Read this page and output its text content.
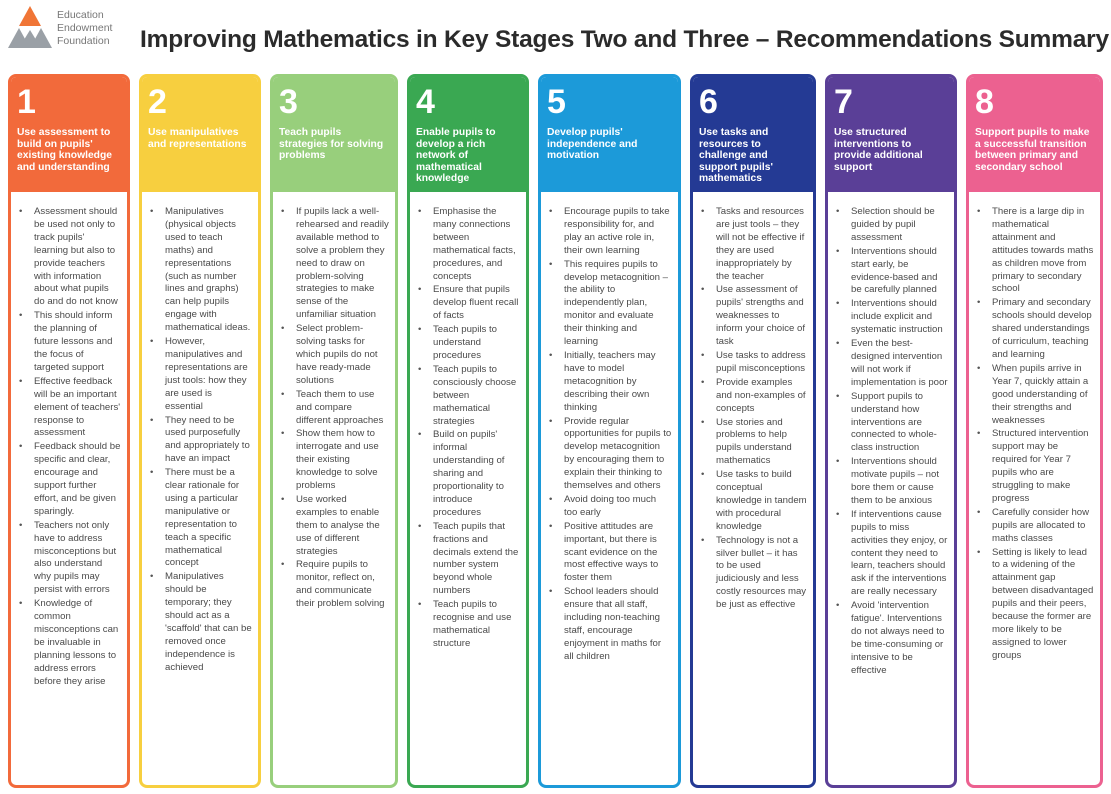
Education
Endowment
Foundation Improving Mathematics in Key Stages Two and Three – Recommendations Summary
1
Use assessment to build on pupils' existing knowledge and understanding
• Assessment should be used not only to track pupils' learning but also to provide teachers with information about what pupils do and do not know
• This should inform the planning of future lessons and the focus of targeted support
• Effective feedback will be an important element of teachers' response to assessment
• Feedback should be specific and clear, encourage and support further effort, and be given sparingly.
• Teachers not only have to address misconceptions but also understand why pupils may persist with errors
• Knowledge of common misconceptions can be invaluable in planning lessons to address errors before they arise
2
Use manipulatives and representations
• Manipulatives (physical objects used to teach maths) and representations (such as number lines and graphs) can help pupils engage with mathematical ideas.
• However, manipulatives and representations are just tools: how they are used is essential
• They need to be used purposefully and appropriately to have an impact
• There must be a clear rationale for using a particular manipulative or representation to teach a specific mathematical concept
• Manipulatives should be temporary; they should act as a 'scaffold' that can be removed once independence is achieved
3
Teach pupils strategies for solving problems
• If pupils lack a well-rehearsed and readily available method to solve a problem they need to draw on problem-solving strategies to make sense of the unfamiliar situation
• Select problem-solving tasks for which pupils do not have ready-made solutions
• Teach them to use and compare different approaches
• Show them how to interrogate and use their existing knowledge to solve problems
• Use worked examples to enable them to analyse the use of different strategies
• Require pupils to monitor, reflect on, and communicate their problem solving
4
Enable pupils to develop a rich network of mathematical knowledge
• Emphasise the many connections between mathematical facts, procedures, and concepts
• Ensure that pupils develop fluent recall of facts
• Teach pupils to understand procedures
• Teach pupils to consciously choose between mathematical strategies
• Build on pupils' informal understanding of sharing and proportionality to introduce procedures
• Teach pupils that fractions and decimals extend the number system beyond whole numbers
• Teach pupils to recognise and use mathematical structure
5
Develop pupils' independence and motivation
• Encourage pupils to take responsibility for, and play an active role in, their own learning
• This requires pupils to develop metacognition – the ability to independently plan, monitor and evaluate their thinking and learning
• Initially, teachers may have to model metacognition by describing their own thinking
• Provide regular opportunities for pupils to develop metacognition by encouraging them to explain their thinking to themselves and others
• Avoid doing too much too early
• Positive attitudes are important, but there is scant evidence on the most effective ways to foster them
• School leaders should ensure that all staff, including non-teaching staff, encourage enjoyment in maths for all children
6
Use tasks and resources to challenge and support pupils' mathematics
• Tasks and resources are just tools – they will not be effective if they are used inappropriately by the teacher
• Use assessment of pupils' strengths and weaknesses to inform your choice of task
• Use tasks to address pupil misconceptions
• Provide examples and non-examples of concepts
• Use stories and problems to help pupils understand mathematics
• Use tasks to build conceptual knowledge in tandem with procedural knowledge
• Technology is not a silver bullet – it has to be used judiciously and less costly resources may be just as effective
7
Use structured interventions to provide additional support
• Selection should be guided by pupil assessment
• Interventions should start early, be evidence-based and be carefully planned
• Interventions should include explicit and systematic instruction
• Even the best-designed intervention will not work if implementation is poor
• Support pupils to understand how interventions are connected to whole-class instruction
• Interventions should motivate pupils – not bore them or cause them to be anxious
• If interventions cause pupils to miss activities they enjoy, or content they need to learn, teachers should ask if the interventions are really necessary
• Avoid 'intervention fatigue'. Interventions do not always need to be time-consuming or intensive to be effective
8
Support pupils to make a successful transition between primary and secondary school
• There is a large dip in mathematical attainment and attitudes towards maths as children move from primary to secondary school
• Primary and secondary schools should develop shared understandings of curriculum, teaching and learning
• When pupils arrive in Year 7, quickly attain a good understanding of their strengths and weaknesses
• Structured intervention support may be required for Year 7 pupils who are struggling to make progress
• Carefully consider how pupils are allocated to maths classes
• Setting is likely to lead to a widening of the attainment gap between disadvantaged pupils and their peers, because the former are more likely to be assigned to lower groups
